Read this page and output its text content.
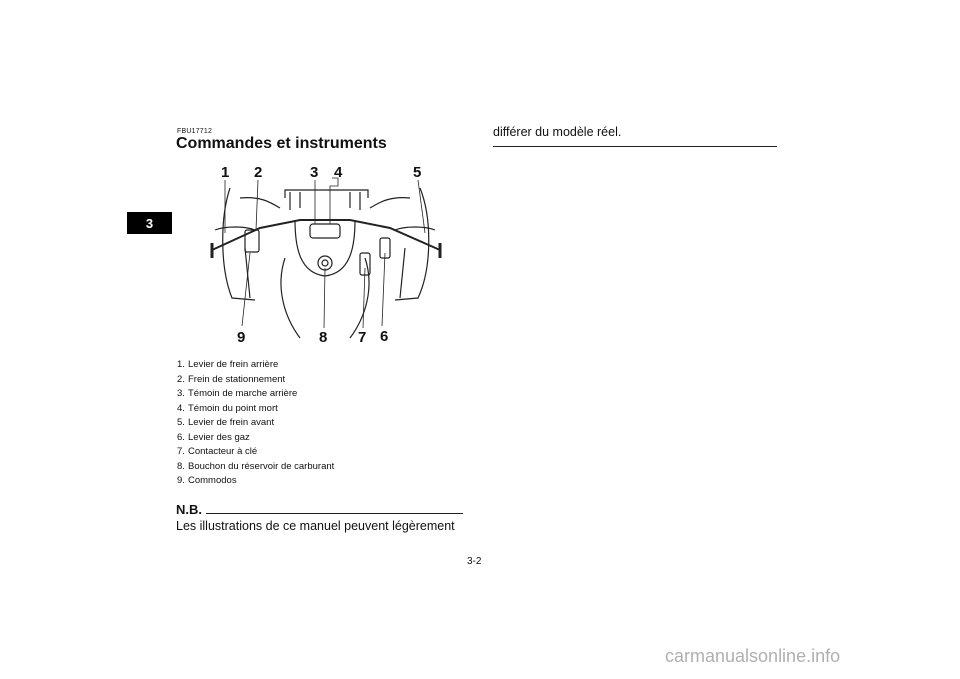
3
FBU17712
Commandes et instruments
1 2	3 4	5
6
7
8
9
1. Levier de frein arrière
2. Frein de stationnement
3. Témoin de marche arrière
4. Témoin du point mort
5. Levier de frein avant
6. Levier des gaz
7. Contacteur à clé
8. Bouchon du réservoir de carburant
9. Commodos
N.B.
Les illustrations de ce manuel peuvent légèrement
différer du modèle réel.
3-2
carmanualsonline.info
